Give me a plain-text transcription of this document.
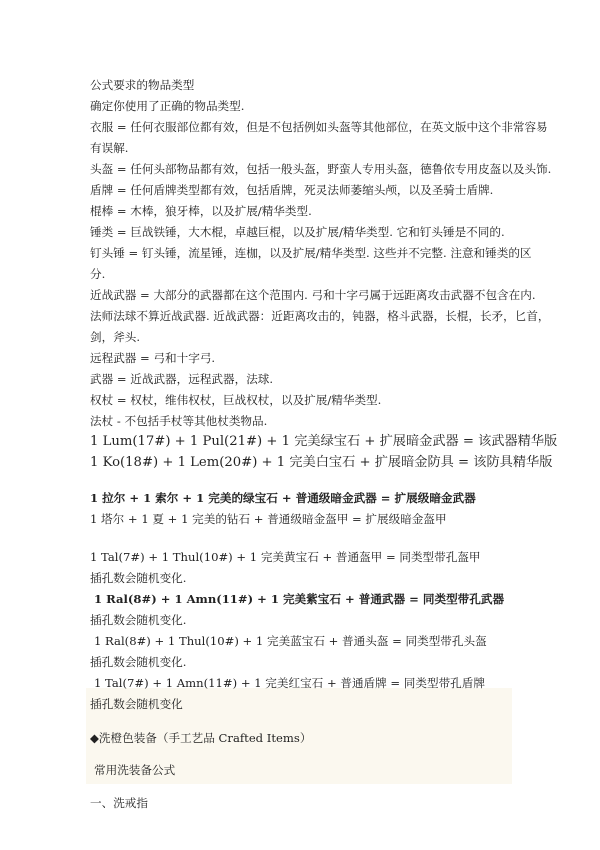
公式要求的物品类型
确定你使用了正确的物品类型.
衣服 = 任何衣服部位都有效，但是不包括例如头盔等其他部位，在英文版中这个非常容易
有误解.
头盔 = 任何头部物品都有效，包括一般头盔，野蛮人专用头盔，德鲁依专用皮盔以及头饰.
盾牌 = 任何盾牌类型都有效，包括盾牌，死灵法师萎缩头颅，以及圣骑士盾牌.
棍棒 = 木棒，狼牙棒，以及扩展/精华类型.
锤类 = 巨战铁锤，大木棍，卓越巨棍，以及扩展/精华类型. 它和钉头锤是不同的.
钉头锤 = 钉头锤，流星锤，连枷，以及扩展/精华类型. 这些并不完整. 注意和锤类的区
分.
近战武器 = 大部分的武器都在这个范围内. 弓和十字弓属于远距离攻击武器不包含在内.
法师法球不算近战武器. 近战武器：近距离攻击的，钝器，格斗武器，长棍，长矛，匕首，
剑，斧头.
远程武器 = 弓和十字弓.
武器 = 近战武器，远程武器，法球.
权杖 = 权杖，维伟权杖，巨战权杖，以及扩展/精华类型.
法杖 - 不包括手杖等其他杖类物品.
1 Lum(17#) + 1 Pul(21#) + 1 完美绿宝石 + 扩展暗金武器 = 该武器精华版
1 Ko(18#) + 1 Lem(20#) + 1 完美白宝石 + 扩展暗金防具 = 该防具精华版
1 拉尔 + 1 索尔 + 1 完美的绿宝石 + 普通级暗金武器 = 扩展级暗金武器
1 塔尔 + 1 夏 + 1 完美的钻石 + 普通级暗金盔甲 = 扩展级暗金盔甲
1 Tal(7#) + 1 Thul(10#) + 1 完美黄宝石 + 普通盔甲 = 同类型带孔盔甲
插孔数会随机变化.
1 Ral(8#) + 1 Amn(11#) + 1 完美紫宝石 + 普通武器 = 同类型带孔武器
插孔数会随机变化.
1 Ral(8#) + 1 Thul(10#) + 1 完美蓝宝石 + 普通头盔 = 同类型带孔头盔
插孔数会随机变化.
1 Tal(7#) + 1 Amn(11#) + 1 完美红宝石 + 普通盾牌 = 同类型带孔盾牌
插孔数会随机变化
◆洗橙色装备（手工艺品 Crafted Items）
常用洗装备公式
一、洗戒指
